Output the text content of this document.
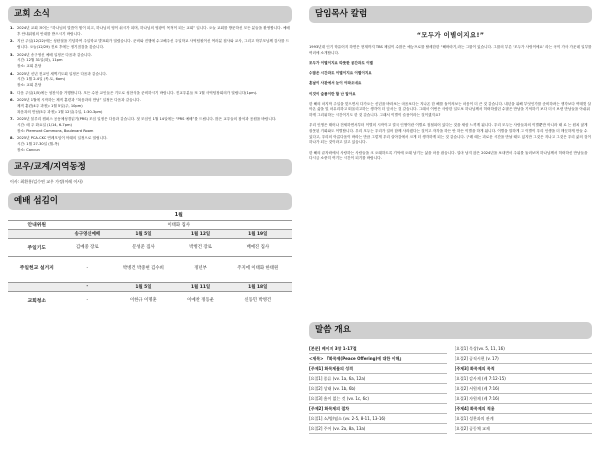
교회 소식
1. 2024년 교회 표어는 “하나님의 말씀이 힘이 되고, 하나님의 영이 쉬시가 되며, 하나님의 영광이 목적이 되는 교회” 입니다. 오늘 교회를 방문하신 모든 분들을 환영합니다. 예배 후 안내위원의 안내를 받으시기 바랍니다.
2. 지난 주일(12/22)에는 성탄절을 기념하여 주일학교 발표회가 열렸습니다. 준비와 진행에 수고해주신 주일학교 사역팀원이신 여러분 집사와 교사, 그리고 학부모님께 감사를 드립니다. 오늘(12/29) 진료 후에는 정기점검을 갖습니다.
3. 2024년 송구영신 예배 일정은 다음과 같습니다.
시간: 12월 31일(화), 11pm
장소: 교회 본당
4. 2025년 신년 전교인 새벽기도회 일정은 다음과 같습니다.
시간: 1월 2-4일 (목-토, 6am)
장소: 교회 본당
5. 다음 주일(1/5)에는 성찬식을 거행합니다. 모든 수찬 교인들은 기도로 성찬식을 준비하시기 바랍니다. 진교우분들 또 1월 사역팀장회의가 열립니다(1pm).
6. 2025년 1월에 시작하는 제직 훈련과 “복음과의 만남” 일정은 다음과 같습니다.
제직 훈련(4주 과정): 1월 5일(주, 10pm)
복음과의 만남(5주 과정): 1월 12일(주일, 1:30-3pm)
7. 2025년 블루리 캠퍼스 공동체성경읽기(PRS) 모임 일정은 다음과 같습니다. 첫 모임인 1월 14일에는 “PRS 예배”를 드립니다. 많은 교우들의 참석과 응원을 바랍니다.
시간: 매 주 화요일 (1/14, 6-7pm)
장소: Piermont Commons, Boulevard Room
8. 2025년 PCA-CKC 연례모임이 아래의 일정으로 열립니다.
시간: 1월 27-30일 (월-목)
장소: Cancun
교우/교계/지역동정
이사: 최환홍/김수연 교우 가정(이레 이사)
예배 섬김이
	1월			
안내위원	이태화 집사			
	송구영신예배	1월 5일	1월 12일	1월 19일
주일기도	김예중 장로	문성준 집사	박병건 장로	배예진 집사
주일헌교 설거지	-	박병건 박중현 김수희	정년부	주지에 이태화 한태원
	-	1월 5일	1월 11일	1월 18일
교회청소	-	이한규 이명훈	이예찬 정동운	신동민 박병건
담임목사 칼럼
“모두가 이별이지요!”

1993년대 인기 학유어지 하면은 현재까지 TBS 채널이 수많은 예능프로를 탈세한한 “해바라기,라는 그룹이 있습니다. 그룹의 부른 ‘모두가 사랑이에요’ 라는 곡이 가사 가운데 일부를 여러에 소개합니다.

모두가 이별이지요 따뜻한 공간과도 이별

수많은 시간과도 이별이지요 이별이지요

혼날이 사관에서 눈이 아파오네요

이것이 슬픔이란 할 난 알아요

한 해의 마지막 주일을 맞으면서 다가오는 신년을 바라보는 마음보다는 지나온 한 해를 돌이켜보는 마음이 더 큰 것 같습니다. 내년을 위해 부엇인가를 준비하려는 생각보다 여태껏 살아온 삶을 및 마무리하고 떠올리고하는 생각이 더 앞서는 것 같습니다. 그래서 이번은 사랑한 일도보 하나님께서 허락하셨던 수많은 만남을 기억하기 보다 더시 보낸 만남들을 아쉬워 하게 그리워하는 시간이기도 한 것 같습니다. 그래서 이별이 슬픔이라는 것이겠지요?

우리 인생은 태어나 전세하면서부터 이별의 시작이고 결국 인생이란 이별로 점철되어 있다는 것을 새삼 느끼게 됩니다. 우리 모두는 사랑들과의 이별뿐만 아니라 때 로 는 원치 않게 잘못된 기회와도 이별합니다. 우리 모두는 우리가 걸어 함께 사라졌다는 것이고 자각을 하든 안 하든 이별을 하게 됩니다. 이별을 말하게 그 이별이 우리 인생을 더 깨끗하게 만들 수 있다고, 우리의 아름다움이 바라는 만큼 그렇게 우리 살아감에서 크게 더 생각하게 되는 것 같습니다. 구레 때는 괴로운 시간을 만날 때도 있지만 그것은 지나고 그것은 우리 삶의 것이 하나가 되는 것이라고 알고 있습니다.

한 해의 끝자락에서 사랑하는 사람들을 크 오래하도록 기억에 오래 남기는 삶을 마음 잡습니다. 얼마 남지 않은 2024년을 보내면서 주위를 둘러보며 하나님께서 허락하신 만남들을 다시금 소중히 여기는 시간이 되기를 바랍니다.

말씀 개요
[본문] 베이지 3장 1-17절	[요절1] 묵상(vv. 5, 11, 16)
<제목> 『화목제(Peace Offering)에 대한 이해』	[요절2] 공직시편 (v. 17)
[주제1] 화목제물의 성격	[주제3] 화목제의 목적
[요절1] 종류 (vv. 1a, 6a, 12a)	[요절1] 감사제 (레 7:12-15)
[요절2] 상태 (vv. 1b, 6b)	[요절2] 서원제 (레 7:16)
[요절3] 흠이 없는 것 (vv. 1c, 6c)	[요절3] 자원제 (레 7:16)
[주제2] 화목제의 절차	[주제4] 화목제의 적용
[요절1] 소/양/염소 (vv. 2-5, 8-11, 13-16)	[요절1] 성찬과의 관계
[요절2] 주어 (vv. 2a, 8a, 13a)	[요절2] 공동체 교제
